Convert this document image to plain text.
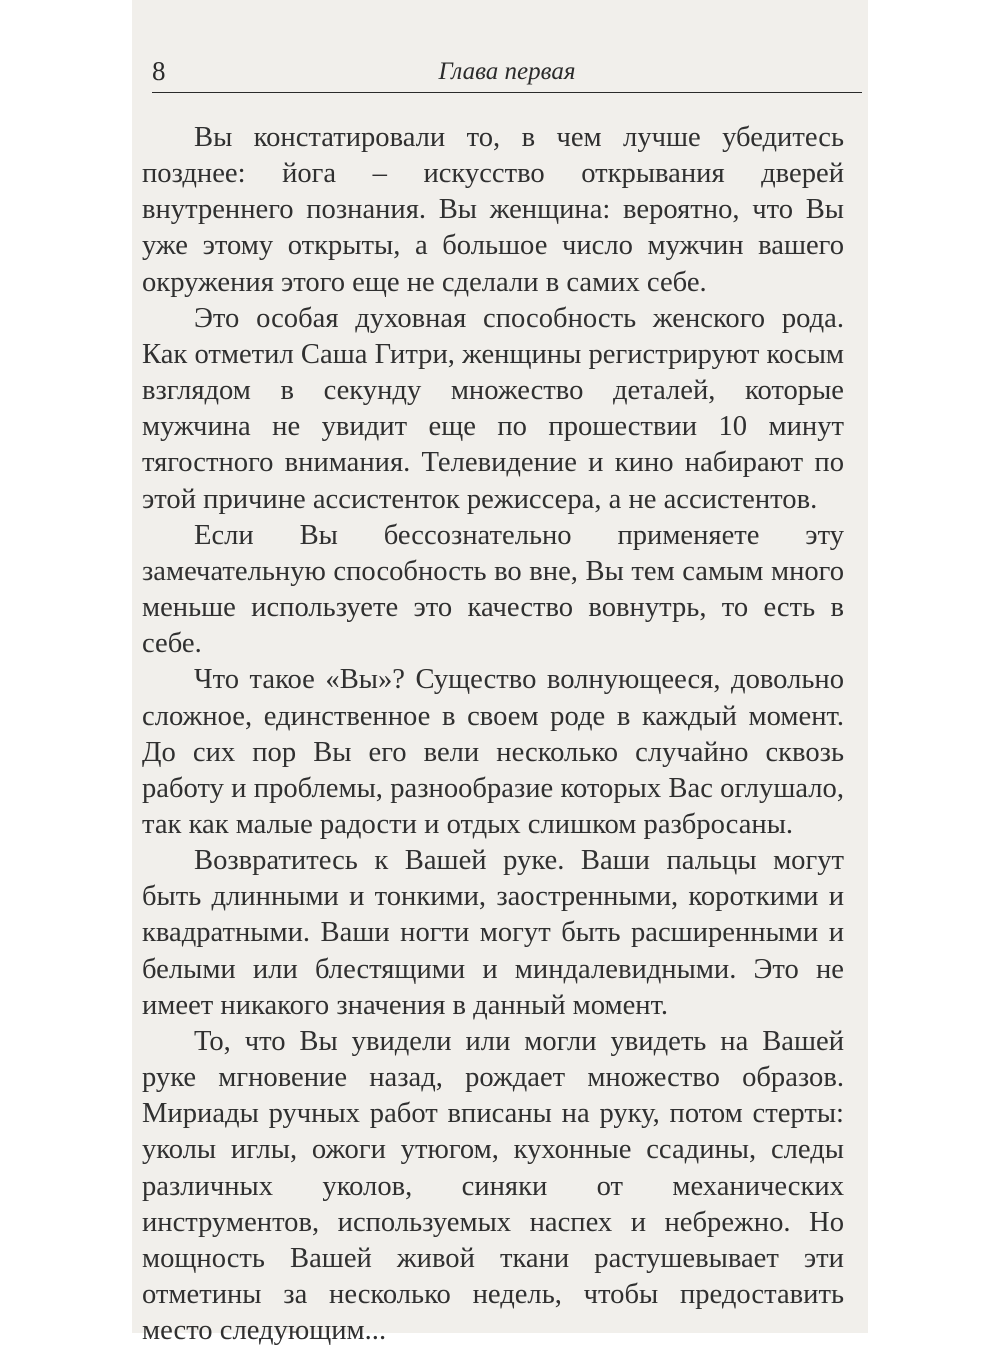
8	Глава первая

Вы констатировали то, в чем лучше убедитесь позднее: йога – искусство открывания дверей внутреннего познания. Вы женщина: вероятно, что Вы уже этому открыты, а большое число мужчин вашего окружения этого еще не сделали в самих себе.

Это особая духовная способность женского рода. Как отметил Саша Гитри, женщины регистрируют косым взглядом в секунду множество деталей, которые мужчина не увидит еще по прошествии 10 минут тягостного внимания. Телевидение и кино набирают по этой причине ассистенток режиссера, а не ассистентов.

Если Вы бессознательно применяете эту замечательную способность во вне, Вы тем самым много меньше используете это качество вовнутрь, то есть в себе.

Что такое «Вы»? Существо волнующееся, довольно сложное, единственное в своем роде в каждый момент. До сих пор Вы его вели несколько случайно сквозь работу и проблемы, разнообразие которых Вас оглушало, так как малые радости и отдых слишком разбросаны.

Возвратитесь к Вашей руке. Ваши пальцы могут быть длинными и тонкими, заостренными, короткими и квадратными. Ваши ногти могут быть расширенными и белыми или блестящими и миндалевидными. Это не имеет никакого значения в данный момент.

То, что Вы увидели или могли увидеть на Вашей руке мгновение назад, рождает множество образов. Мириады ручных работ вписаны на руку, потом стерты: уколы иглы, ожоги утюгом, кухонные ссадины, следы различных уколов, синяки от механических инструментов, используемых наспех и небрежно. Но мощность Вашей живой ткани растушевывает эти отметины за несколько недель, чтобы предоставить место следующим...
